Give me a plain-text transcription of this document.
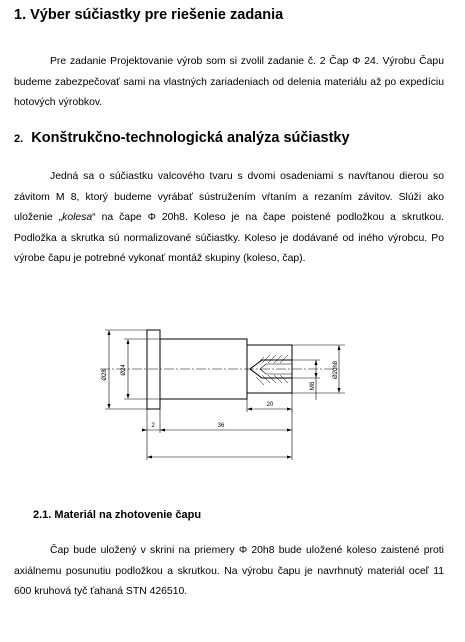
1. Výber súčiastky pre riešenie zadania

Pre zadanie Projektovanie výrob som si zvolil zadanie č. 2 Čap Φ 24. Výrobu Čapu budeme zabezpečovať sami na vlastných zariadeniach od delenia materiálu až po expedíciu hotových výrobkov.

2. Konštrukčno-technologická analýza súčiastky

Jedná sa o súčiastku valcového tvaru s dvomi osadeniami s navŕtanou dierou so závitom M 8, ktorý budeme vyrábať sústružením vŕtaním a rezaním závitov. Slúži ako uloženie „kolesa“ na čape Φ 20h8. Koleso je na čape poistené podložkou a skrutkou. Podložka a skrutka sú normalizované súčiastky. Koleso je dodávané od iného výrobcu. Po výrobe čapu je potrebné vykonať montáž skupiny (koleso, čap).

Ø28 Ø24	Ø20h8
M8
20
2	36
2.1. Materiál na zhotovenie čapu

Čap bude uložený v skrini na priemery Φ 20h8 bude uložené koleso zaistené proti axiálnemu posunutiu podložkou a skrutkou. Na výrobu čapu je navrhnutý materiál oceľ 11 600 kruhová tyč ťahaná STN 426510.
